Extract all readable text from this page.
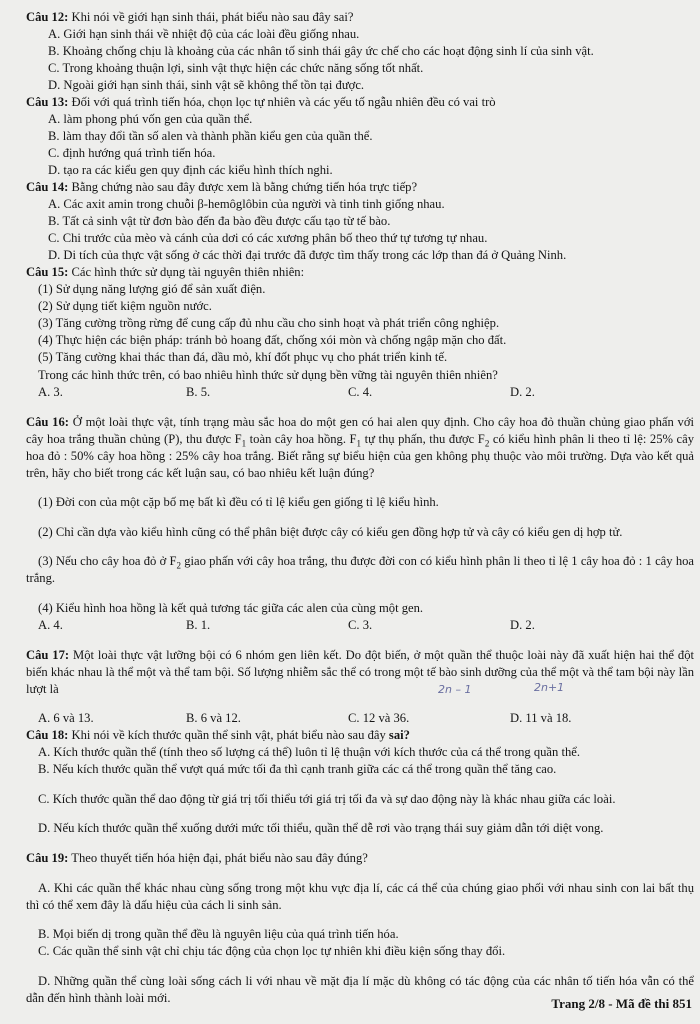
Câu 12: Khi nói về giới hạn sinh thái, phát biểu nào sau đây sai?

A. Giới hạn sinh thái về nhiệt độ của các loài đều giống nhau.

B. Khoảng chống chịu là khoảng của các nhân tố sinh thái gây ức chế cho các hoạt động sinh lí của sinh vật.

C. Trong khoảng thuận lợi, sinh vật thực hiện các chức năng sống tốt nhất.

D. Ngoài giới hạn sinh thái, sinh vật sẽ không thể tồn tại được.

Câu 13: Đối với quá trình tiến hóa, chọn lọc tự nhiên và các yếu tố ngẫu nhiên đều có vai trò

A. làm phong phú vốn gen của quần thể.

B. làm thay đổi tần số alen và thành phần kiểu gen của quần thể.

C. định hướng quá trình tiến hóa.

D. tạo ra các kiểu gen quy định các kiểu hình thích nghi.

Câu 14: Bằng chứng nào sau đây được xem là bằng chứng tiến hóa trực tiếp?

A. Các axit amin trong chuỗi β-hemôglôbin của người và tinh tinh giống nhau.

B. Tất cả sinh vật từ đơn bào đến đa bào đều được cấu tạo từ tế bào.

C. Chi trước của mèo và cánh của dơi có các xương phân bố theo thứ tự tương tự nhau.

D. Di tích của thực vật sống ở các thời đại trước đã được tìm thấy trong các lớp than đá ở Quảng Ninh.

Câu 15: Các hình thức sử dụng tài nguyên thiên nhiên:

(1) Sử dụng năng lượng gió để sản xuất điện.

(2) Sử dụng tiết kiệm nguồn nước.

(3) Tăng cường trồng rừng để cung cấp đủ nhu cầu cho sinh hoạt và phát triển công nghiệp.

(4) Thực hiện các biện pháp: tránh bỏ hoang đất, chống xói mòn và chống ngập mặn cho đất.

(5) Tăng cường khai thác than đá, dầu mỏ, khí đốt phục vụ cho phát triển kinh tế.

Trong các hình thức trên, có bao nhiêu hình thức sử dụng bền vững tài nguyên thiên nhiên?

A. 3.	B. 5.	C. 4.	D. 2.

Câu 16: Ở một loài thực vật, tính trạng màu sắc hoa do một gen có hai alen quy định. Cho cây hoa đỏ thuần chủng giao phấn với cây hoa trắng thuần chủng (P), thu được $F_1$ toàn cây hoa hồng. $F_1$ tự thụ phấn, thu được $F_2$ có kiểu hình phân li theo tỉ lệ: 25% cây hoa đỏ : 50% cây hoa hồng : 25% cây hoa trắng. Biết rằng sự biểu hiện của gen không phụ thuộc vào môi trường. Dựa vào kết quả trên, hãy cho biết trong các kết luận sau, có bao nhiêu kết luận đúng?

(1) Đời con của một cặp bố mẹ bất kì đều có tỉ lệ kiểu gen giống tỉ lệ kiểu hình.

(2) Chỉ cần dựa vào kiểu hình cũng có thể phân biệt được cây có kiểu gen đồng hợp tử và cây có kiểu gen dị hợp tử.

(3) Nếu cho cây hoa đỏ ở $F_2$ giao phấn với cây hoa trắng, thu được đời con có kiểu hình phân li theo tỉ lệ 1 cây hoa đỏ : 1 cây hoa trắng.

(4) Kiểu hình hoa hồng là kết quả tương tác giữa các alen của cùng một gen.

A. 4.	B. 1.	C. 3.	D. 2.

Câu 17: Một loài thực vật lưỡng bội có 6 nhóm gen liên kết. Do đột biến, ở một quần thể thuộc loài này đã xuất hiện hai thể đột biến khác nhau là thể một và thể tam bội. Số lượng nhiễm sắc thể có trong một tế bào sinh dưỡng của thể một và thể tam bội này lần lượt là	2n – 1	2n+1
A. 6 và 13.	B. 6 và 12.	C. 12 và 36.	D. 11 và 18.

Câu 18: Khi nói về kích thước quần thể sinh vật, phát biểu nào sau đây sai?

A. Kích thước quần thể (tính theo số lượng cá thể) luôn tỉ lệ thuận với kích thước của cá thể trong quần thể.

B. Nếu kích thước quần thể vượt quá mức tối đa thì cạnh tranh giữa các cá thể trong quần thể tăng cao.

C. Kích thước quần thể dao động từ giá trị tối thiểu tới giá trị tối đa và sự dao động này là khác nhau giữa các loài.

D. Nếu kích thước quần thể xuống dưới mức tối thiểu, quần thể dễ rơi vào trạng thái suy giảm dẫn tới diệt vong.

Câu 19: Theo thuyết tiến hóa hiện đại, phát biểu nào sau đây đúng?

A. Khi các quần thể khác nhau cùng sống trong một khu vực địa lí, các cá thể của chúng giao phối với nhau sinh con lai bất thụ thì có thể xem đây là dấu hiệu của cách li sinh sản.

B. Mọi biến dị trong quần thể đều là nguyên liệu của quá trình tiến hóa.

C. Các quần thể sinh vật chỉ chịu tác động của chọn lọc tự nhiên khi điều kiện sống thay đổi.

D. Những quần thể cùng loài sống cách li với nhau về mặt địa lí mặc dù không có tác động của các nhân tố tiến hóa vẫn có thể dẫn đến hình thành loài mới.	Trang 2/8 - Mã đề thi 851
